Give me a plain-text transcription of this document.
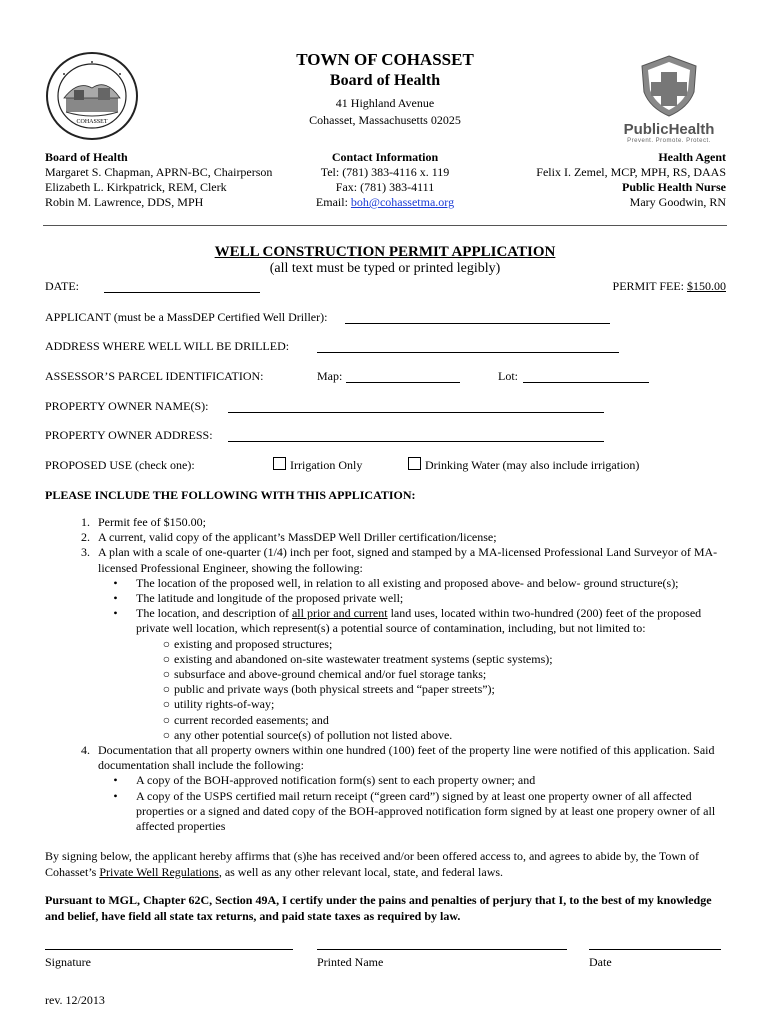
COHASSET
TOWN OF COHASSET
Board of Health
41 Highland Avenue
Cohasset, Massachusetts 02025
PublicHealth
Prevent. Promote. Protect.
Board of Health
Margaret S. Chapman, APRN-BC, Chairperson
Elizabeth L. Kirkpatrick, REM, Clerk
Robin M. Lawrence, DDS, MPH
Contact Information
Tel: (781) 383-4116 x. 119
Fax: (781) 383-4111
Email: boh@cohassetma.org
Health Agent
Felix I. Zemel, MCP, MPH, RS, DAAS
Public Health Nurse
Mary Goodwin, RN
WELL CONSTRUCTION PERMIT APPLICATION
(all text must be typed or printed legibly)
DATE:	PERMIT FEE: $150.00
APPLICANT (must be a MassDEP Certified Well Driller):
ADDRESS WHERE WELL WILL BE DRILLED:
ASSESSOR’S PARCEL IDENTIFICATION:	Map:	Lot:
PROPERTY OWNER NAME(S):
PROPERTY OWNER ADDRESS:
PROPOSED USE (check one):	Irrigation Only	Drinking Water (may also include irrigation)
PLEASE INCLUDE THE FOLLOWING WITH THIS APPLICATION:
1. Permit fee of $150.00;
2. A current, valid copy of the applicant’s MassDEP Well Driller certification/license;
3. A plan with a scale of one-quarter (1/4) inch per foot, signed and stamped by a MA-licensed Professional Land Surveyor of MA-licensed Professional Engineer, showing the following:
•	The location of the proposed well, in relation to all existing and proposed above- and below- ground structure(s);
•	The latitude and longitude of the proposed private well;
•	The location, and description of all prior and current land uses, located within two-hundred (200) feet of the proposed private well location, which represent(s) a potential source of contamination, including, but not limited to:
○ existing and proposed structures;
○ existing and abandoned on-site wastewater treatment systems (septic systems);
○ subsurface and above-ground chemical and/or fuel storage tanks;
○ public and private ways (both physical streets and “paper streets”);
○ utility rights-of-way;
○ current recorded easements; and
○ any other potential source(s) of pollution not listed above.
4. Documentation that all property owners within one hundred (100) feet of the property line were notified of this application. Said documentation shall include the following:
•	A copy of the BOH-approved notification form(s) sent to each property owner; and
•	A copy of the USPS certified mail return receipt (“green card”) signed by at least one property owner of all affected properties or a signed and dated copy of the BOH-approved notification form signed by at least one propery owner of all affected properties
By signing below, the applicant hereby affirms that (s)he has received and/or been offered access to, and agrees to abide by, the Town of Cohasset’s Private Well Regulations, as well as any other relevant local, state, and federal laws.
Pursuant to MGL, Chapter 62C, Section 49A, I certify under the pains and penalties of perjury that I, to the best of my knowledge and belief, have field all state tax returns, and paid state taxes as required by law.
Signature	Printed Name	Date
rev. 12/2013
